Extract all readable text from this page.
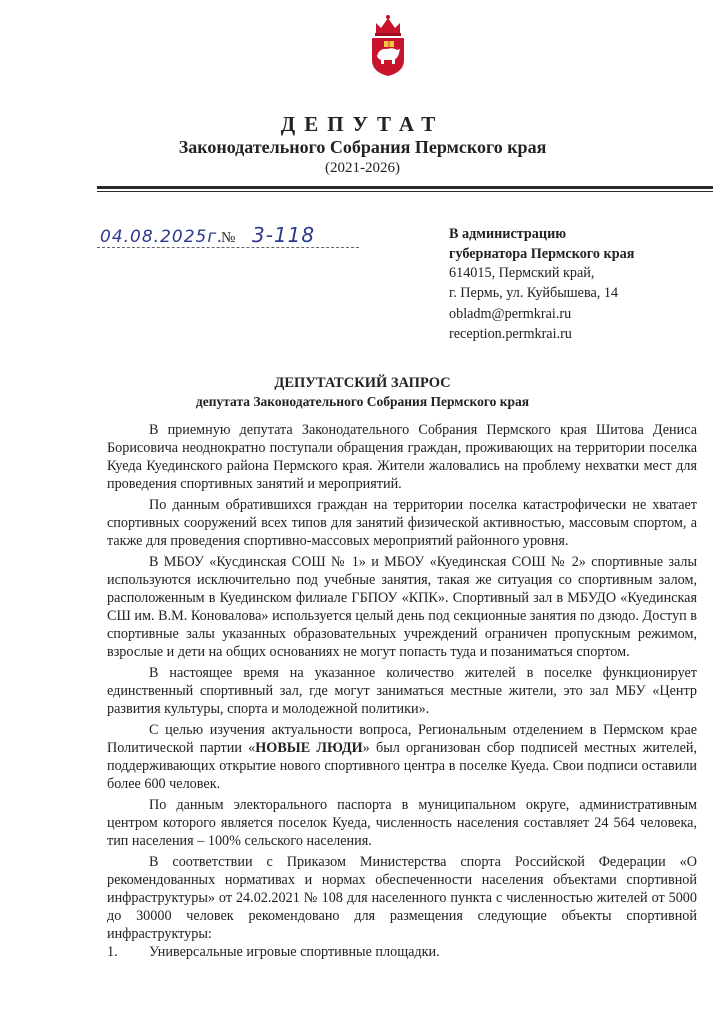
ДЕПУТАТ
Законодательного Собрания Пермского края
(2021-2026)
04.08.2025г.
№ 3-118	В администрацию
губернатора Пермского края
614015, Пермский край,
г. Пермь, ул. Куйбышева, 14
obladm@permkrai.ru
reception.permkrai.ru
ДЕПУТАТСКИЙ ЗАПРОС
депутата Законодательного Собрания Пермского края

В приемную депутата Законодательного Собрания Пермского края Шитова Дениса Борисовича неоднократно поступали обращения граждан, проживающих на территории поселка Куеда Куединского района Пермского края. Жители жаловались на проблему нехватки мест для проведения спортивных занятий и мероприятий.

По данным обратившихся граждан на территории поселка катастрофически не хватает спортивных сооружений всех типов для занятий физической активностью, массовым спортом, а также для проведения спортивно-массовых мероприятий районного уровня.

В МБОУ «Кусдинская СОШ № 1» и МБОУ «Куединская СОШ № 2» спортивные залы используются исключительно под учебные занятия, такая же ситуация со спортивным залом, расположенным в Куединском филиале ГБПОУ «КПК». Спортивный зал в МБУДО «Куединская СШ им. В.М. Коновалова» используется целый день под секционные занятия по дзюдо. Доступ в спортивные залы указанных образовательных учреждений ограничен пропускным режимом, взрослые и дети на общих основаниях не могут попасть туда и позаниматься спортом.

В настоящее время на указанное количество жителей в поселке функционирует единственный спортивный зал, где могут заниматься местные жители, это зал МБУ «Центр развития культуры, спорта и молодежной политики».

С целью изучения актуальности вопроса, Региональным отделением в Пермском крае Политической партии «НОВЫЕ ЛЮДИ» был организован сбор подписей местных жителей, поддерживающих открытие нового спортивного центра в поселке Куеда. Свои подписи оставили более 600 человек.

По данным электорального паспорта в муниципальном округе, административным центром которого является поселок Куеда, численность населения составляет 24 564 человека, тип населения – 100% сельского населения.

В соответствии с Приказом Министерства спорта Российской Федерации «О рекомендованных нормативах и нормах обеспеченности населения объектами спортивной инфраструктуры» от 24.02.2021 № 108 для населенного пункта с численностью жителей от 5000 до 30000 человек рекомендовано для размещения следующие объекты спортивной инфраструктуры:

1.	Универсальные игровые спортивные площадки.
